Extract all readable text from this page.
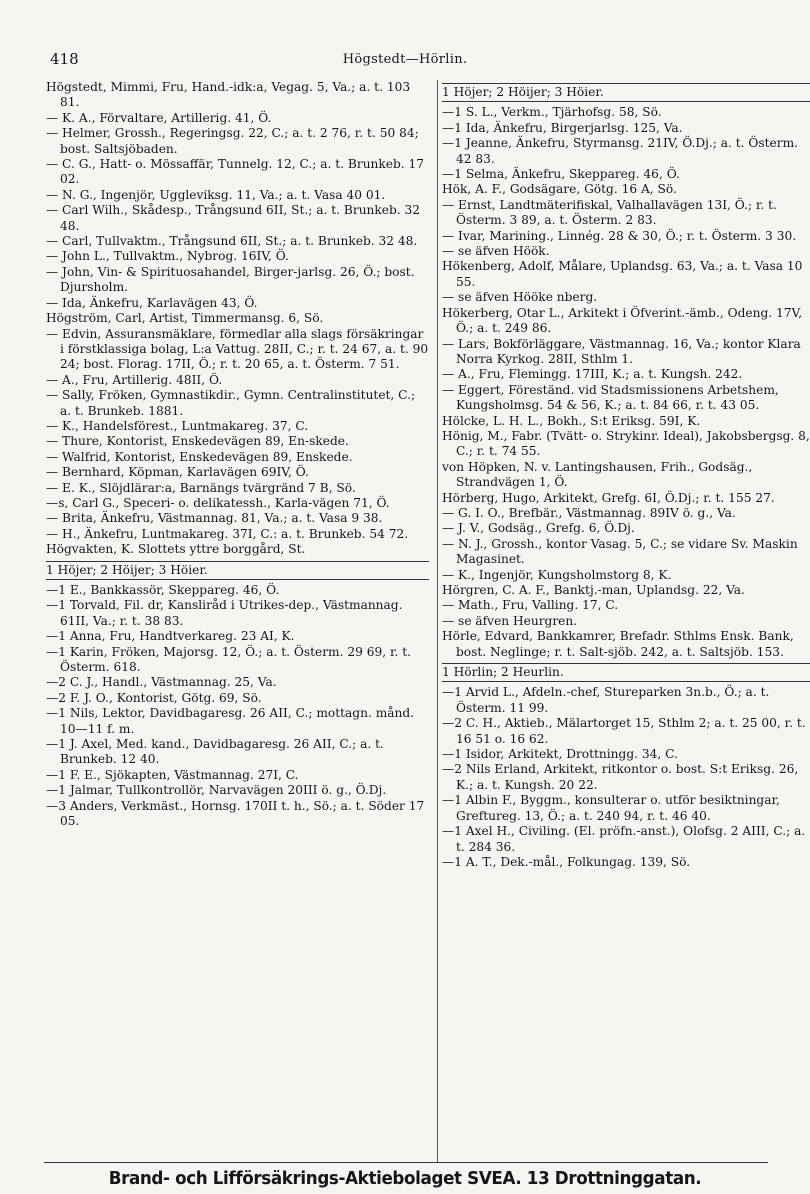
418	Högstedt—Hörlin.
Högstedt, Mimmi, Fru, Hand.-idk:a, Vegag. 5, Va.; a. t. 103 81.
— K. A., Förvaltare, Artillerig. 41, Ö.
— Helmer, Grossh., Regeringsg. 22, C.; a. t. 2 76, r. t. 50 84; bost. Saltsjöbaden.
— C. G., Hatt- o. Mössaffär, Tunnelg. 12, C.; a. t. Brunkeb. 17 02.
— N. G., Ingenjör, Uggleviksg. 11, Va.; a. t. Vasa 40 01.
— Carl Wilh., Skådesp., Trångsund 6II, St.; a. t. Brunkeb. 32 48.
— Carl, Tullvaktm., Trångsund 6II, St.; a. t. Brunkeb. 32 48.
— John L., Tullvaktm., Nybrog. 16IV, Ö.
— John, Vin- & Spirituosahandel, Birger-jarlsg. 26, Ö.; bost. Djursholm.
— Ida, Änkefru, Karlavägen 43, Ö.
Högström, Carl, Artist, Timmermansg. 6, Sö.
— Edvin, Assuransmäklare, förmedlar alla slags försäkringar i förstklassiga bolag, L:a Vattug. 28II, C.; r. t. 24 67, a. t. 90 24; bost. Florag. 17II, Ö.; r. t. 20 65, a. t. Österm. 7 51.
— A., Fru, Artillerig. 48II, Ö.
— Sally, Fröken, Gymnastikdir., Gymn. Centralinstitutet, C.; a. t. Brunkeb. 1881.
— K., Handelsförest., Luntmakareg. 37, C.
— Thure, Kontorist, Enskedevägen 89, En-skede.
— Walfrid, Kontorist, Enskedevägen 89, Enskede.
— Bernhard, Köpman, Karlavägen 69IV, Ö.
— E. K., Slöjdlärar:a, Barnängs tvärgränd 7 B, Sö.
—s, Carl G., Speceri- o. delikatessh., Karla-vägen 71, Ö.
— Brita, Änkefru, Västmannag. 81, Va.; a. t. Vasa 9 38.
— H., Änkefru, Luntmakareg. 37I, C.: a. t. Brunkeb. 54 72.
Högvakten, K. Slottets yttre borggård, St.
1 Höjer; 2 Höijer; 3 Höier.
—1 E., Bankkassör, Skeppareg. 46, Ö.
—1 Torvald, Fil. dr, Kansliråd i Utrikes-dep., Västmannag. 61II, Va.; r. t. 38 83.
—1 Anna, Fru, Handtverkareg. 23 AI, K.
—1 Karin, Fröken, Majorsg. 12, Ö.; a. t. Österm. 29 69, r. t. Österm. 618.
—2 C. J., Handl., Västmannag. 25, Va.
—2 F. J. O., Kontorist, Götg. 69, Sö.
—1 Nils, Lektor, Davidbagaresg. 26 AII, C.; mottagn. månd. 10—11 f. m.
—1 J. Axel, Med. kand., Davidbagaresg. 26 AII, C.; a. t. Brunkeb. 12 40.
—1 F. E., Sjökapten, Västmannag. 27I, C.
—1 Jalmar, Tullkontrollör, Narvavägen 20III ö. g., Ö.Dj.
—3 Anders, Verkmäst., Hornsg. 170II t. h., Sö.; a. t. Söder 17 05.
1 Höjer; 2 Höijer; 3 Höier.
—1 S. L., Verkm., Tjärhofsg. 58, Sö.
—1 Ida, Änkefru, Birgerjarlsg. 125, Va.
—1 Jeanne, Änkefru, Styrmansg. 21IV, Ö.Dj.; a. t. Österm. 42 83.
—1 Selma, Änkefru, Skeppareg. 46, Ö.
Hök, A. F., Godsägare, Götg. 16 A, Sö.
— Ernst, Landtmäterifiskal, Valhallavägen 13I, Ö.; r. t. Österm. 3 89, a. t. Österm. 2 83.
— Ivar, Marining., Linnég. 28 & 30, Ö.; r. t. Österm. 3 30.
— se äfven Höök.
Hökenberg, Adolf, Målare, Uplandsg. 63, Va.; a. t. Vasa 10 55.
— se äfven Hööke nberg.
Hökerberg, Otar L., Arkitekt i Öfverint.-ämb., Odeng. 17V, Ö.; a. t. 249 86.
— Lars, Bokförläggare, Västmannag. 16, Va.; kontor Klara Norra Kyrkog. 28II, Sthlm 1.
— A., Fru, Flemingg. 17III, K.; a. t. Kungsh. 242.
— Eggert, Föreständ. vid Stadsmissionens Arbetshem, Kungsholmsg. 54 & 56, K.; a. t. 84 66, r. t. 43 05.
Hölcke, L. H. L., Bokh., S:t Eriksg. 59I, K.
Hönig, M., Fabr. (Tvätt- o. Strykinr. Ideal), Jakobsbergsg. 8, C.; r. t. 74 55.
von Höpken, N. v. Lantingshausen, Frih., Godsäg., Strandvägen 1, Ö.
Hörberg, Hugo, Arkitekt, Grefg. 6I, Ö.Dj.; r. t. 155 27.
— G. I. O., Brefbär., Västmannag. 89IV ö. g., Va.
— J. V., Godsäg., Grefg. 6, Ö.Dj.
— N. J., Grossh., kontor Vasag. 5, C.; se vidare Sv. Maskin Magasinet.
— K., Ingenjör, Kungsholmstorg 8, K.
Hörgren, C. A. F., Banktj.-man, Uplandsg. 22, Va.
— Math., Fru, Valling. 17, C.
— se äfven Heurgren.
Hörle, Edvard, Bankkamrer, Brefadr. Sthlms Ensk. Bank, bost. Neglinge; r. t. Salt-sjöb. 242, a. t. Saltsjöb. 153.
1 Hörlin; 2 Heurlin.
—1 Arvid L., Afdeln.-chef, Stureparken 3n.b., Ö.; a. t. Österm. 11 99.
—2 C. H., Aktieb., Mälartorget 15, Sthlm 2; a. t. 25 00, r. t. 16 51 o. 16 62.
—1 Isidor, Arkitekt, Drottningg. 34, C.
—2 Nils Erland, Arkitekt, ritkontor o. bost. S:t Eriksg. 26, K.; a. t. Kungsh. 20 22.
—1 Albin F., Byggm., konsulterar o. utför besiktningar, Greftureg. 13, Ö.; a. t. 240 94, r. t. 46 40.
—1 Axel H., Civiling. (El. pröfn.-anst.), Olofsg. 2 AIII, C.; a. t. 284 36.
—1 A. T., Dek.-mål., Folkungag. 139, Sö.
Brand- och Lifförsäkrings-Aktiebolaget SVEA. 13 Drottninggatan.
